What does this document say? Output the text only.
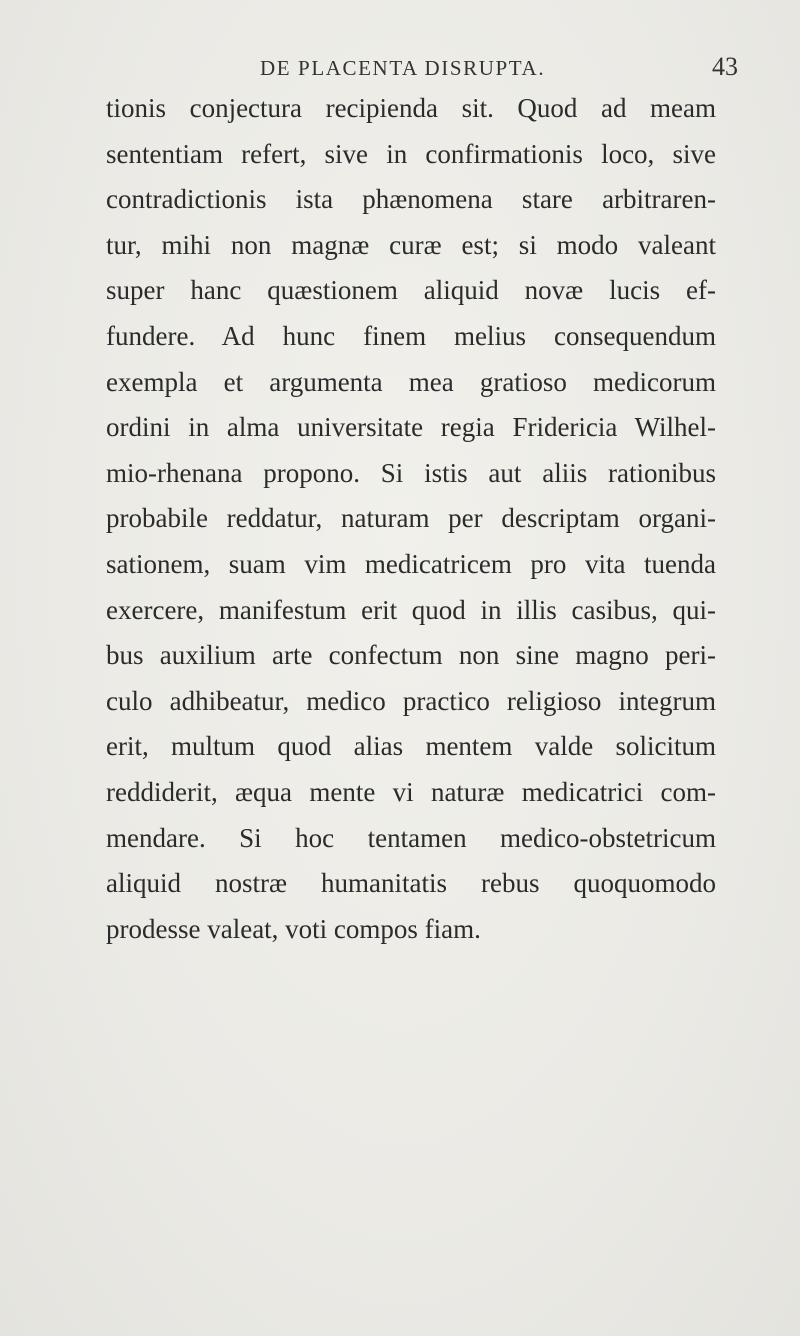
DE PLACENTA DISRUPTA.	43
tionis conjectura recipienda sit. Quod ad meam
sententiam refert, sive in confirmationis loco, sive
contradictionis ista phænomena stare arbitraren-
tur, mihi non magnæ curæ est; si modo valeant
super hanc quæstionem aliquid novæ lucis ef-
fundere. Ad hunc finem melius consequendum
exempla et argumenta mea gratioso medicorum
ordini in alma universitate regia Fridericia Wilhel-
mio-rhenana propono. Si istis aut aliis rationibus
probabile reddatur, naturam per descriptam organi-
sationem, suam vim medicatricem pro vita tuenda
exercere, manifestum erit quod in illis casibus, qui-
bus auxilium arte confectum non sine magno peri-
culo adhibeatur, medico practico religioso integrum
erit, multum quod alias mentem valde solicitum
reddiderit, æqua mente vi naturæ medicatrici com-
mendare. Si hoc tentamen medico-obstetricum
aliquid nostræ humanitatis rebus quoquomodo
prodesse valeat, voti compos fiam.
